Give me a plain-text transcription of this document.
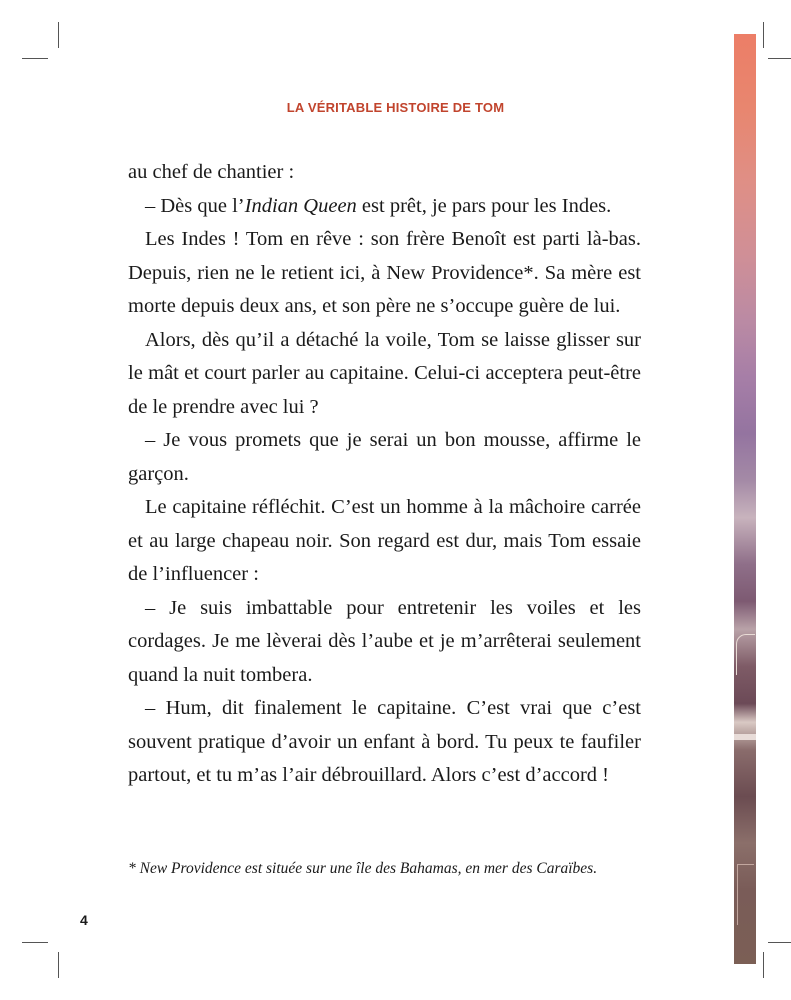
LA VÉRITABLE HISTOIRE DE TOM

au chef de chantier :

– Dès que l’Indian Queen est prêt, je pars pour les Indes.

Les Indes ! Tom en rêve : son frère Benoît est parti là-bas. Depuis, rien ne le retient ici, à New Providence*. Sa mère est morte depuis deux ans, et son père ne s’occupe guère de lui.

Alors, dès qu’il a détaché la voile, Tom se laisse glisser sur le mât et court parler au capitaine. Celui-ci acceptera peut-être de le prendre avec lui ?

– Je vous promets que je serai un bon mousse, affirme le garçon.

Le capitaine réfléchit. C’est un homme à la mâchoire carrée et au large chapeau noir. Son regard est dur, mais Tom essaie de l’influencer :

– Je suis imbattable pour entretenir les voiles et les cordages. Je me lèverai dès l’aube et je m’arrêterai seulement quand la nuit tombera.

– Hum, dit finalement le capitaine. C’est vrai que c’est souvent pratique d’avoir un enfant à bord. Tu peux te faufiler partout, et tu m’as l’air débrouillard. Alors c’est d’accord !

* New Providence est située sur une île des Bahamas, en mer des Caraïbes.
4
